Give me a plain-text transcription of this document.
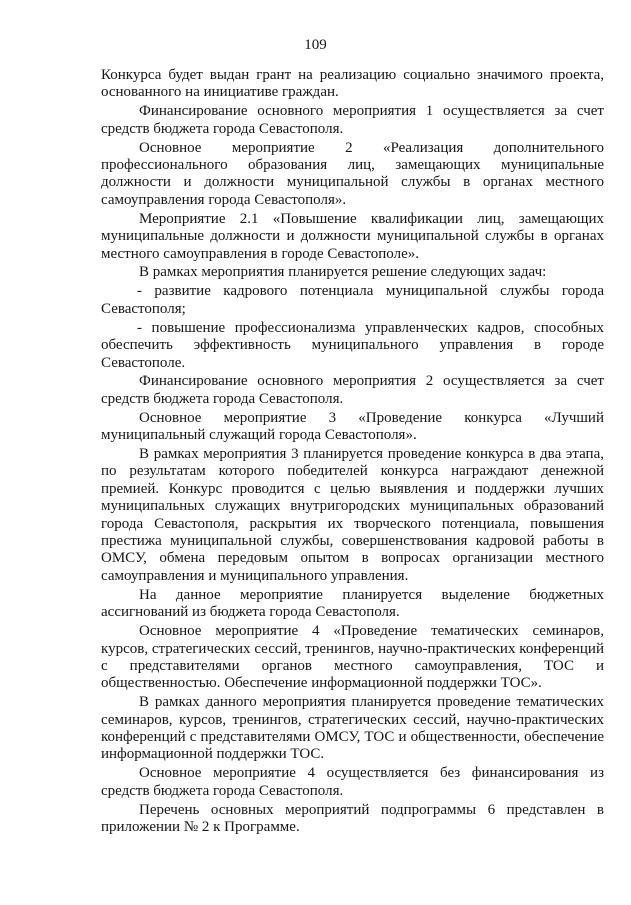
109

Конкурса будет выдан грант на реализацию социально значимого проекта, основанного на инициативе граждан.

Финансирование основного мероприятия 1 осуществляется за счет средств бюджета города Севастополя.

Основное мероприятие 2 «Реализация дополнительного профессионального образования лиц, замещающих муниципальные должности и должности муниципальной службы в органах местного самоуправления города Севастополя».

Мероприятие 2.1 «Повышение квалификации лиц, замещающих муниципальные должности и должности муниципальной службы в органах местного самоуправления в городе Севастополе».

В рамках мероприятия планируется решение следующих задач:

- развитие кадрового потенциала муниципальной службы города Севастополя;

- повышение профессионализма управленческих кадров, способных обеспечить эффективность муниципального управления в городе Севастополе.

Финансирование основного мероприятия 2 осуществляется за счет средств бюджета города Севастополя.

Основное мероприятие 3 «Проведение конкурса «Лучший муниципальный служащий города Севастополя».

В рамках мероприятия 3 планируется проведение конкурса в два этапа, по результатам которого победителей конкурса награждают денежной премией. Конкурс проводится с целью выявления и поддержки лучших муниципальных служащих внутригородских муниципальных образований города Севастополя, раскрытия их творческого потенциала, повышения престижа муниципальной службы, совершенствования кадровой работы в ОМСУ, обмена передовым опытом в вопросах организации местного самоуправления и муниципального управления.

На данное мероприятие планируется выделение бюджетных ассигнований из бюджета города Севастополя.

Основное мероприятие 4 «Проведение тематических семинаров, курсов, стратегических сессий, тренингов, научно-практических конференций с представителями органов местного самоуправления, ТОС и общественностью. Обеспечение информационной поддержки ТОС».

В рамках данного мероприятия планируется проведение тематических семинаров, курсов, тренингов, стратегических сессий, научно-практических конференций с представителями ОМСУ, ТОС и общественности, обеспечение информационной поддержки ТОС.

Основное мероприятие 4 осуществляется без финансирования из средств бюджета города Севастополя.

Перечень основных мероприятий подпрограммы 6 представлен в приложении № 2 к Программе.
